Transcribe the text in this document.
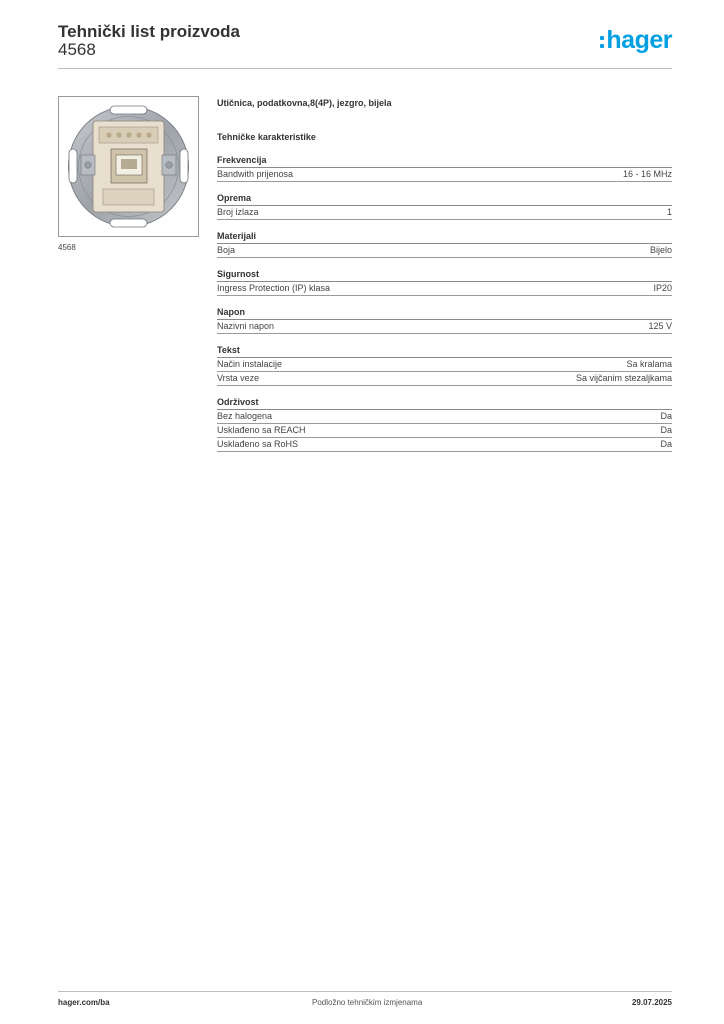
Tehnički list proizvoda
4568	hager
4568
Utičnica, podatkovna,8(4P), jezgro, bijela
Tehničke karakteristike
Frekvencija
Bandwith prijenosa	16 - 16 MHz
Oprema
Broj izlaza	1
Materijali
Boja	Bijelo
Sigurnost
Ingress Protection (IP) klasa	IP20
Napon
Nazivni napon	125 V
Tekst
Način instalacije	Sa kralama
Vrsta veze	Sa vijčanim stezaljkama
Održivost
Bez halogena	Da
Usklađeno sa REACH	Da
Usklađeno sa RoHS	Da
hager.com/ba	Podložno tehničkim izmjenama	29.07.2025
